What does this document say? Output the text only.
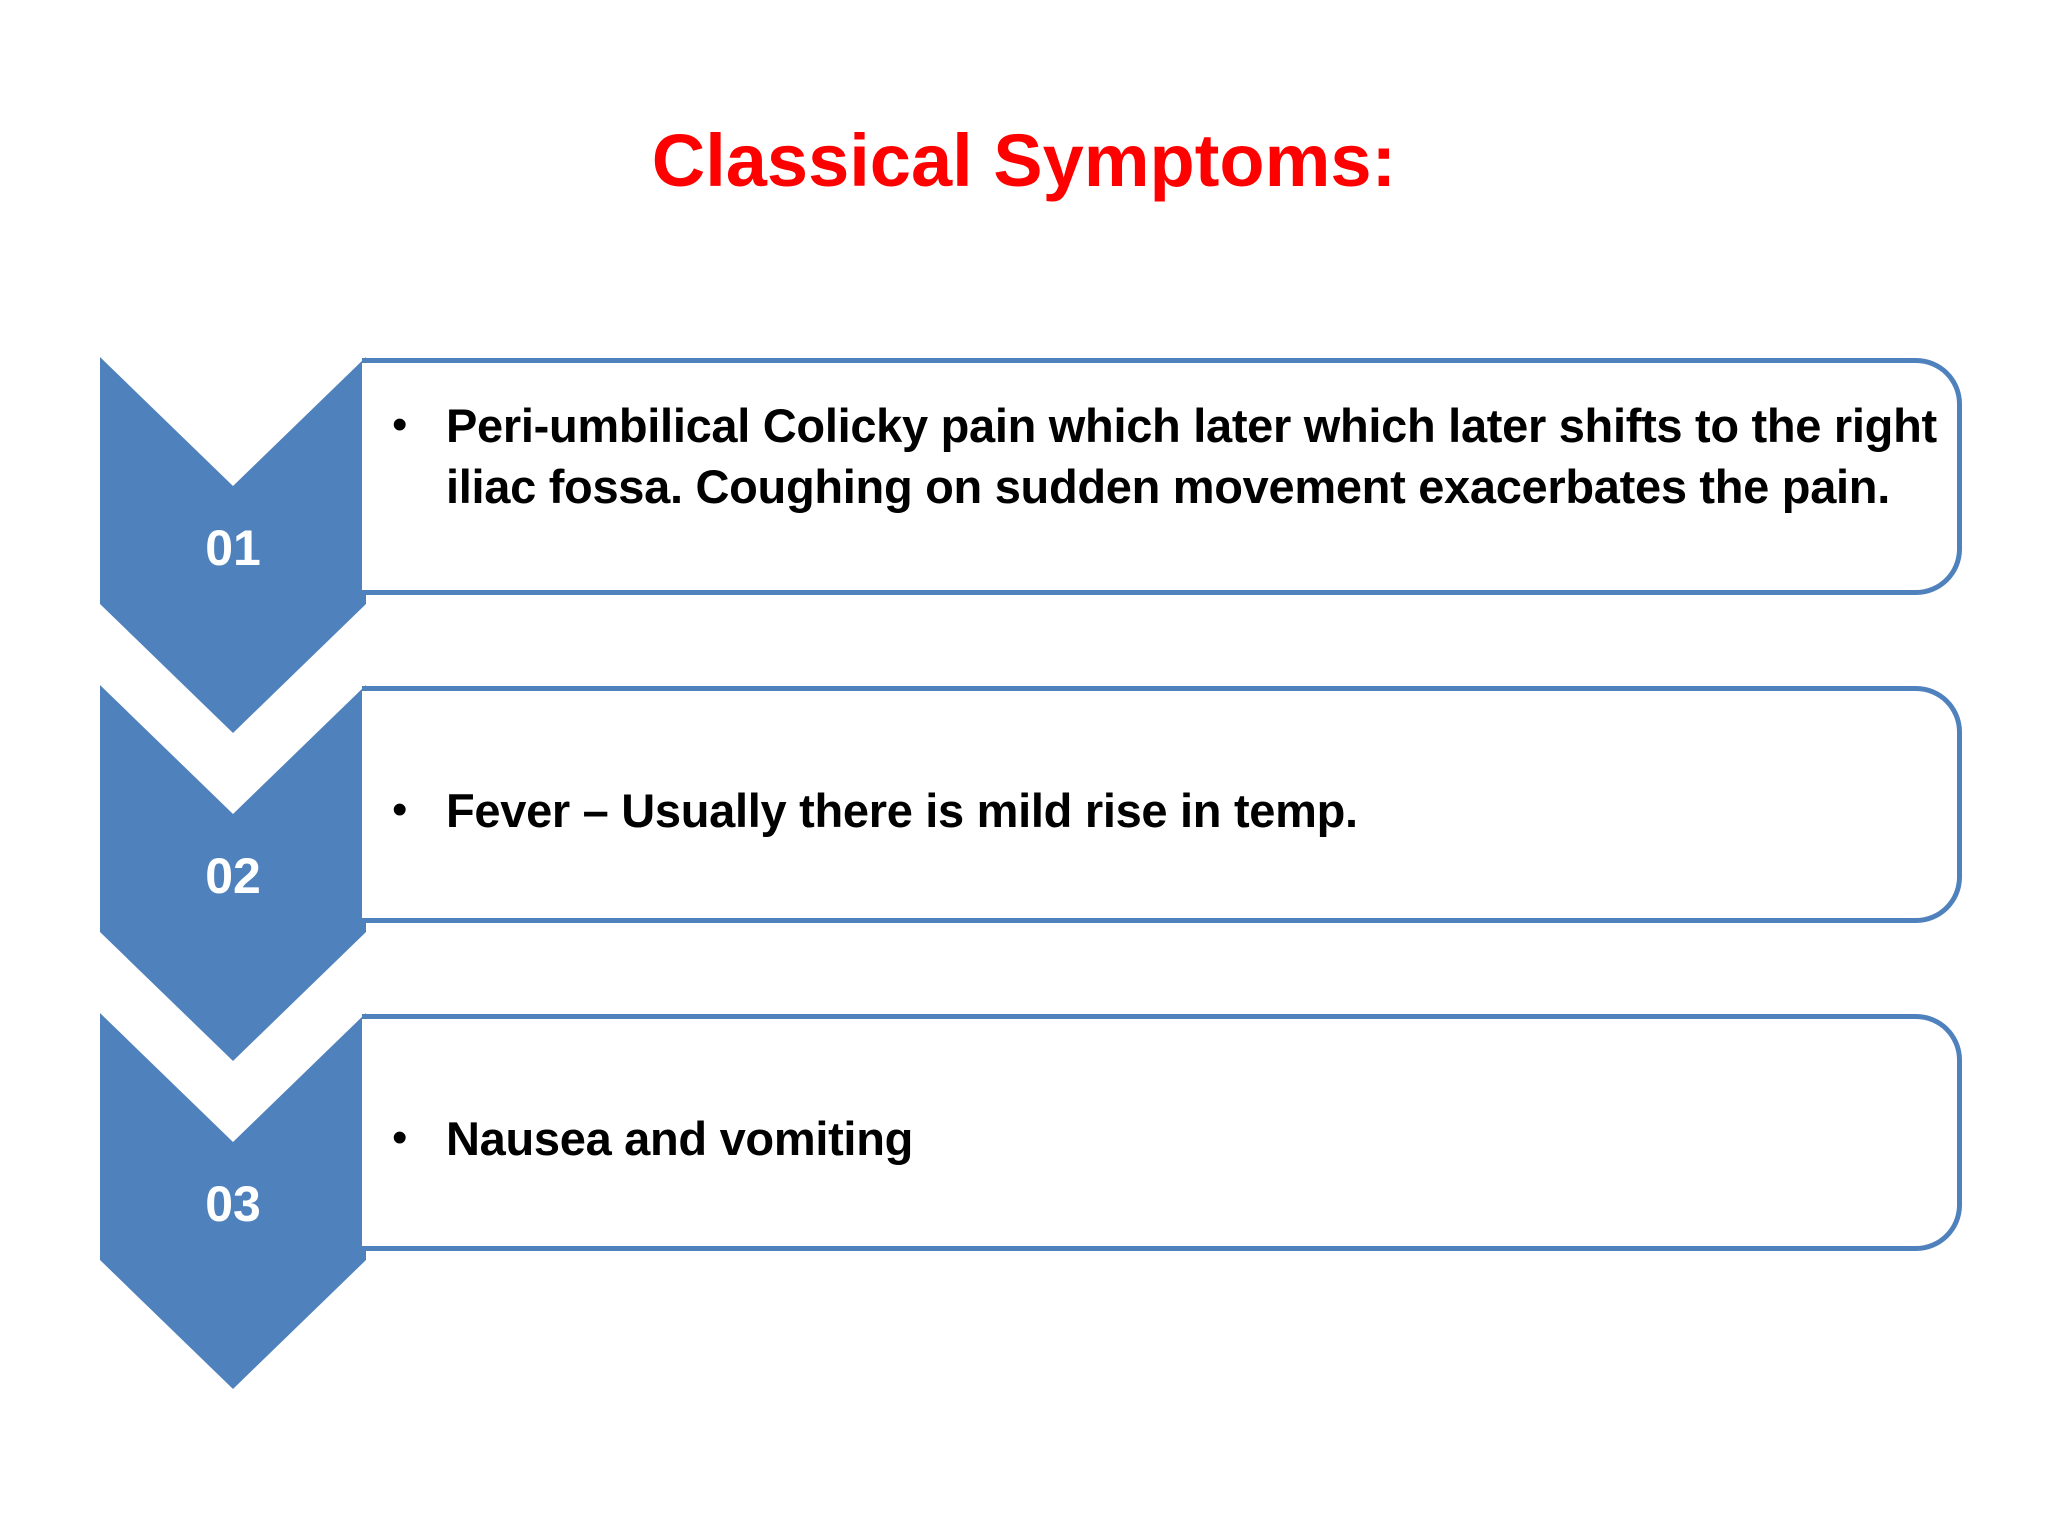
Classical Symptoms:
01
• Peri-umbilical Colicky pain which later which later shifts to the right iliac fossa. Coughing on sudden movement exacerbates the pain.
02
• Fever – Usually there is mild rise in temp.
03
• Nausea and vomiting
